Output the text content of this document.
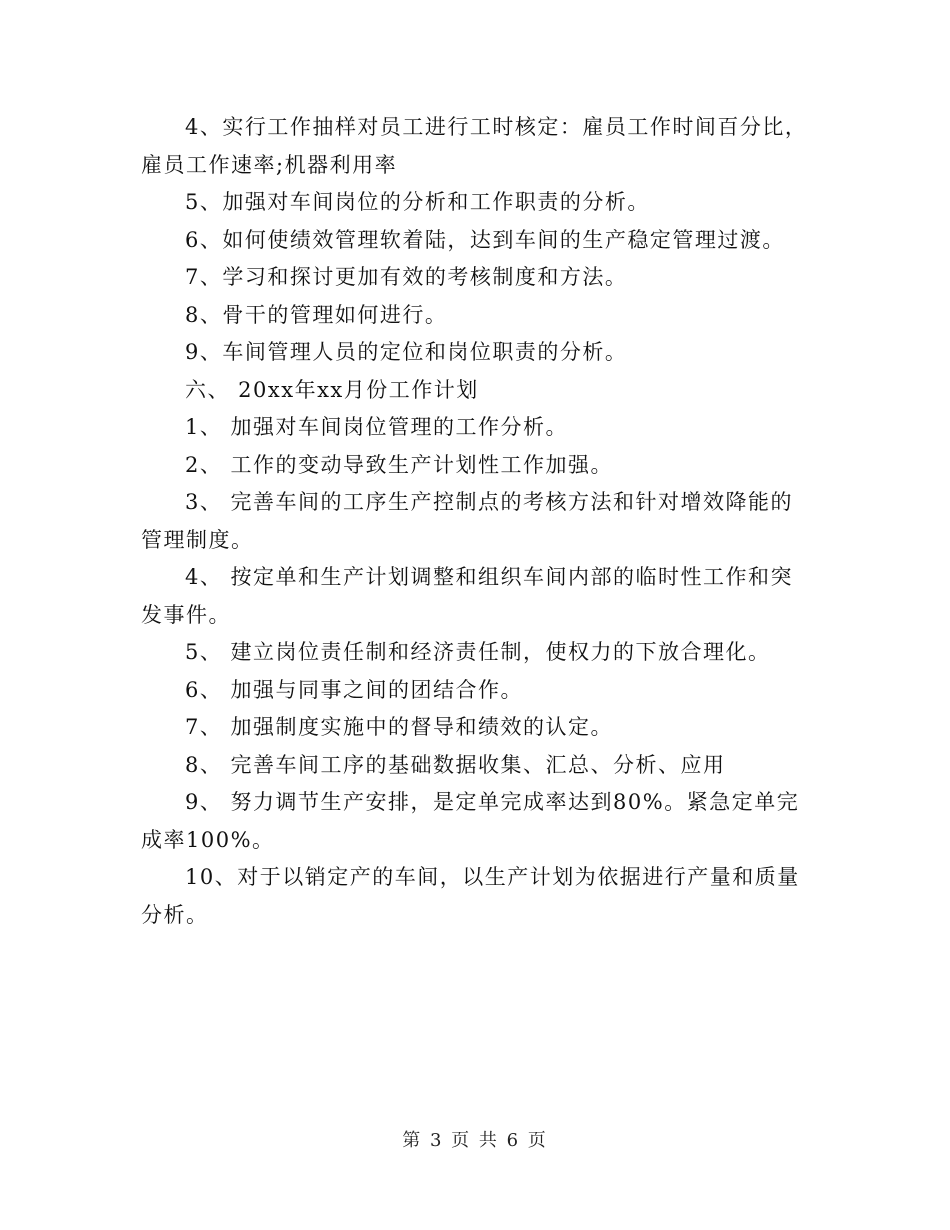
4、实行工作抽样对员工进行工时核定：雇员工作时间百分比，雇员工作速率;机器利用率

5、加强对车间岗位的分析和工作职责的分析。

6、如何使绩效管理软着陆，达到车间的生产稳定管理过渡。

7、学习和探讨更加有效的考核制度和方法。

8、骨干的管理如何进行。

9、车间管理人员的定位和岗位职责的分析。

六、 20xx年xx月份工作计划

1、 加强对车间岗位管理的工作分析。

2、 工作的变动导致生产计划性工作加强。

3、 完善车间的工序生产控制点的考核方法和针对增效降能的管理制度。

4、 按定单和生产计划调整和组织车间内部的临时性工作和突发事件。

5、 建立岗位责任制和经济责任制，使权力的下放合理化。

6、 加强与同事之间的团结合作。

7、 加强制度实施中的督导和绩效的认定。

8、 完善车间工序的基础数据收集、汇总、分析、应用

9、 努力调节生产安排，是定单完成率达到80%。紧急定单完成率100%。

10、对于以销定产的车间，以生产计划为依据进行产量和质量分析。

第 3 页 共 6 页
